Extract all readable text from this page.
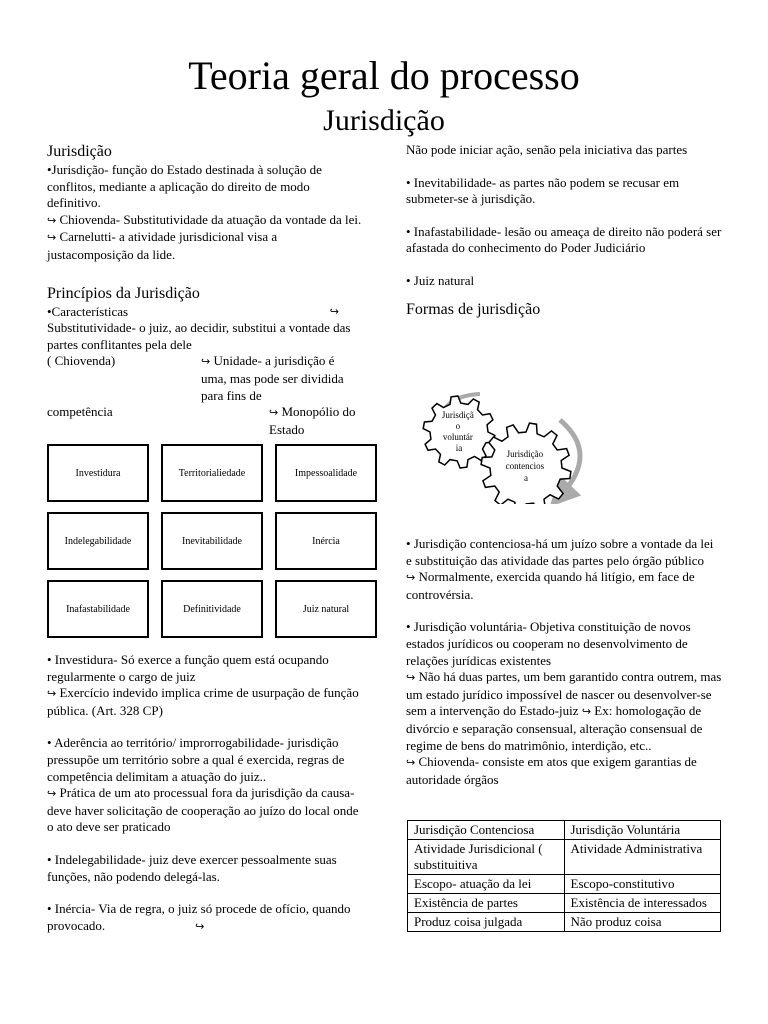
Teoria geral do processo
Jurisdição

Jurisdição

•Jurisdição- função do Estado destinada à solução de conflitos, mediante a aplicação do direito de modo definitivo.

↪ Chiovenda- Substitutividade da atuação da vontade da lei.

↪ Carnelutti- a atividade jurisdicional visa a justacomposição da lide.

Princípios da Jurisdição

•Características	↪

Substitutividade- o juiz, ao decidir, substitui a vontade das partes conflitantes pela dele

( Chiovenda)	↪ Unidade- a jurisdição é uma, mas pode ser dividida para fins de

competência	↪ Monopólio do Estado

Investidura	Territorialiedade	Impessoalidade
Indelegabilidade	Inevitabilidade	Inércia
Inafastabilidade	Definitividade	Juiz natural

• Investidura- Só exerce a função quem está ocupando regularmente o cargo de juiz

↪ Exercício indevido implica crime de usurpação de função pública. (Art. 328 CP)

• Aderência ao território/ improrrogabilidade- jurisdição pressupõe um território sobre a qual é exercida, regras de competência delimitam a atuação do juiz..

↪ Prática de um ato processual fora da jurisdição da causa- deve haver solicitação de cooperação ao juízo do local onde o ato deve ser praticado

• Indelegabilidade- juiz deve exercer pessoalmente suas funções, não podendo delegá-las.

• Inércia- Via de regra, o juiz só procede de ofício, quando provocado.	↪

Não pode iniciar ação, senão pela iniciativa das partes

• Inevitabilidade- as partes não podem se recusar em submeter-se à jurisdição.

• Inafastabilidade- lesão ou ameaça de direito não poderá ser afastada do conhecimento do Poder Judiciário

• Juiz natural

Formas de jurisdição

Jurisdiçã o voluntár ia
Jurisdição contencios a

• Jurisdição contenciosa-há um juízo sobre a vontade da lei e substituição das atividade das partes pelo órgão público

↪ Normalmente, exercida quando há litígio, em face de controvérsia.

• Jurisdição voluntária- Objetiva constituição de novos estados jurídicos ou cooperam no desenvolvimento de relações jurídicas existentes

↪ Não há duas partes, um bem garantido contra outrem, mas um estado jurídico impossível de nascer ou desenvolver-se sem a intervenção do Estado-juiz ↪ Ex: homologação de divórcio e separação consensual, alteração consensual de regime de bens do matrimônio, interdição, etc..

↪ Chiovenda- consiste em atos que exigem garantias de autoridade órgãos

Jurisdição Contenciosa	Jurisdição Voluntária
Atividade Jurisdicional ( substituitiva	Atividade Administrativa
Escopo- atuação da lei	Escopo-constitutivo
Existência de partes	Existência de interessados
Produz coisa julgada	Não produz coisa
